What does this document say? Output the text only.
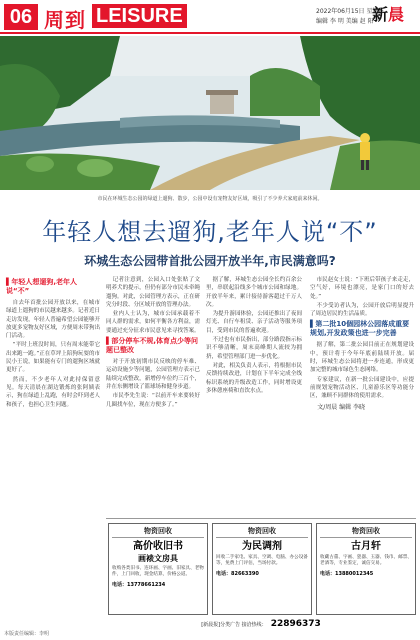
06 周到 LEISURE	2022年06月15日 星期三
编辑 李 明 美编 赵 阳
新晨
市民在环城生态公园的绿道上遛狗、散步，公园中设有宠物友好区域，吸引了不少养犬家庭前来休闲。
年轻人想去遛狗,老年人说“不”
环城生态公园带首批公园开放半年,市民满意吗?
▌年轻人想遛狗,老年人说“不”

自去年首批公园开放以来，在城市绿道上遛狗的市民越来越多。记者近日走访发现，年轻人普遍希望公园能够开放更多宠物友好区域，方便周末带狗出门活动。

“平时上班没时间，只有周末能带它出来跑一跑。”正在草坪上陪狗玩耍的市民小王说，如果能有专门的遛狗区域就更好了。

然而，不少老年人对此持保留意见。每天清晨在湖边锻炼的张阿姨表示，狗在绿道上乱跑，有时会吓到老人和孩子，也担心卫生问题。

记者注意到，公园入口处张贴了文明养犬的提示，但仍有部分市民未牵绳遛狗。对此，公园管理方表示，正在研究分时段、分区域开放的管理办法。

业内人士认为，城市公园承载着不同人群的需求，如何平衡各方利益，需要通过充分征求市民意见来寻找答案。

▌部分停车不规,体育点少等问题已整改

对于开放初期市民反映的停车难、运动设施少等问题，公园管理方表示已陆续完成整改，新增停车位约三百个，并在东侧增设了篮球场和健身步道。

市民李先生说：“以前开车来要转好几圈找车位，现在方便多了。”

据了解，环城生态公园全长约百余公里，串联起沿线多个城市公园和绿地。开放半年来，累计接待游客超过千万人次。

为提升游园体验，公园还推出了夜间灯光、自行车租赁、亲子活动等服务项目，受到市民的普遍欢迎。

不过也有市民指出，部分路段指示标识不够清晰，周末高峰期人流较为拥挤，希望管理部门进一步优化。

对此，相关负责人表示，将根据市民反馈持续改进，计划在下半年完成全线标识系统的升级改造工作，同时增设更多休憩座椅和直饮水点。

市民赵女士说：“下班后带孩子来走走，空气好，环境也漂亮，是家门口的好去处。”

不少受访者认为，公园开放后明显提升了周边居民的生活品质。

▌第二批10個园林公园落成重要规划,开发政策也进一步完善

据了解，第二批公园目前正在规划建设中，预计将于今年年底前陆续开放。届时，环城生态公园将进一步连通，形成更加完整的城市绿色生态网络。

专家建议，在新一批公园建设中，应提前规划宠物活动区、儿童游乐区等功能分区，兼顾不同群体的使用需求。

文/周晨 编辑 李晓

物资回收
高价收旧书
画裱文房具
收购各类旧书、连环画、字画、旧家具、老物件，上门回收，现金结算，价格公道。
电话：13778661234
物资回收
为民调剂
回收二手家电、家具、空调、电脑、办公设备等，免费上门评估，当场付款。
电话：82663390
物资回收
古月轩
收藏古董、字画、瓷器、玉器、钱币、邮票、老酒等，专业鉴定，诚信交易。
电话：13880012345
[新晨报]分类广告 接洽热线： 22896373
本版责任编辑：李明
